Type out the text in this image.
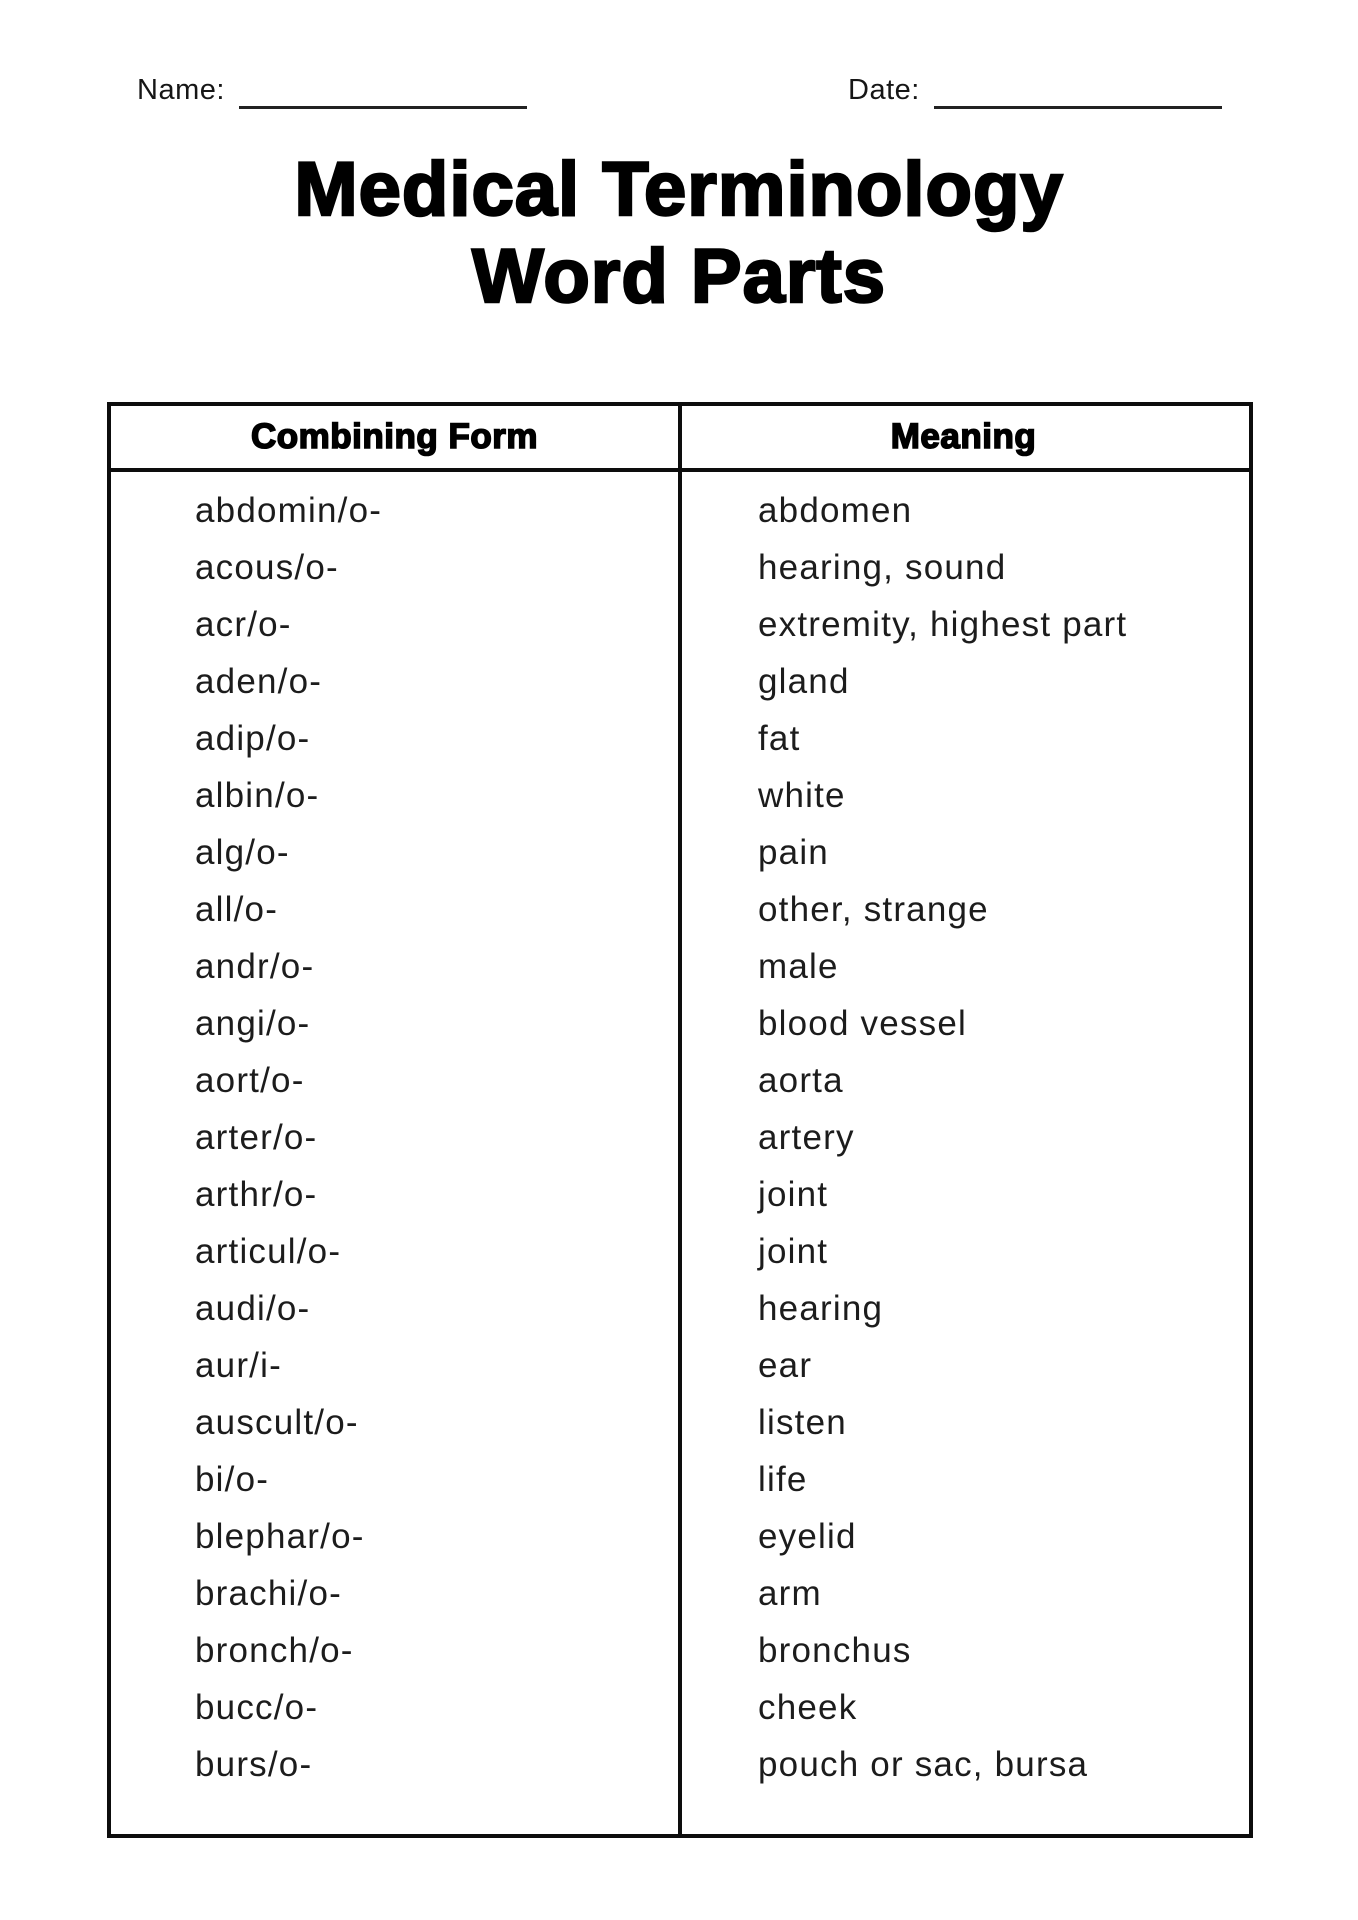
Name:	Date:
Medical Terminology
Word Parts
Combining Form	Meaning
abdomin/o-	abdomen
acous/o-	hearing, sound
acr/o-	extremity, highest part
aden/o-	gland
adip/o-	fat
albin/o-	white
alg/o-	pain
all/o-	other, strange
andr/o-	male
angi/o-	blood vessel
aort/o-	aorta
arter/o-	artery
arthr/o-	joint
articul/o-	joint
audi/o-	hearing
aur/i-	ear
auscult/o-	listen
bi/o-	life
blephar/o-	eyelid
brachi/o-	arm
bronch/o-	bronchus
bucc/o-	cheek
burs/o-	pouch or sac, bursa
